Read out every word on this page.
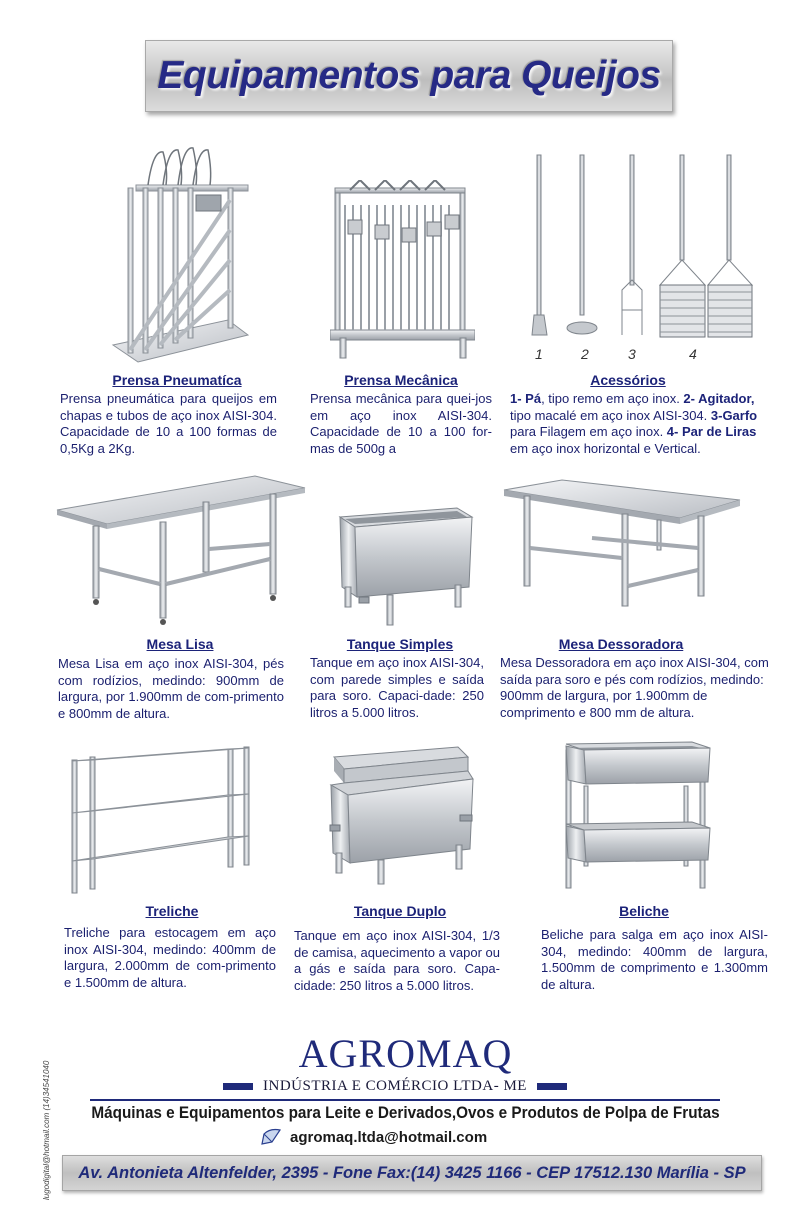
Equipamentos para Queijos
Prensa Pneumatíca
Prensa pneumática para queijos em chapas e tubos de aço inox AISI-304. Capacidade de 10 a 100 formas de 0,5Kg a 2Kg.
Prensa Mecânica
Prensa mecânica para quei-jos em aço inox AISI-304. Capacidade de 10 a 100 for-mas de 500g a
1	2	3	4
Acessórios
1- Pá, tipo remo em aço inox. 2- Agitador, tipo macalé em aço inox AISI-304. 3-Garfo para Filagem em aço inox. 4- Par de Liras em aço inox horizontal e Vertical.
Mesa Lisa
Mesa Lisa em aço inox AISI-304, pés com rodízios, medindo: 900mm de largura, por 1.900mm de com-primento e 800mm de altura.
Tanque Simples
Tanque em aço inox AISI-304, com parede simples e saída para soro. Capaci-dade: 250 litros a 5.000 litros.
Mesa Dessoradora
Mesa Dessoradora em aço inox AISI-304, com saída para soro e pés com rodízios, medindo: 900mm de largura, por 1.900mm de comprimento e 800 mm de altura.
Treliche
Treliche para estocagem em aço inox AISI-304, medindo: 400mm de largura, 2.000mm de com-primento e 1.500mm de altura.
Tanque Duplo
Tanque em aço inox AISI-304, 1/3 de camisa, aquecimento a vapor ou a gás e saída para soro. Capa-cidade: 250 litros a 5.000 litros.
Beliche
Beliche para salga em aço inox AISI-304, medindo: 400mm de largura, 1.500mm de comprimento e 1.300mm de altura.
AGROMAQ
INDÚSTRIA E COMÉRCIO LTDA- ME
Máquinas e Equipamentos para Leite e Derivados,Ovos e Produtos de Polpa de Frutas
agromaq.ltda@hotmail.com
Av. Antonieta Altenfelder, 2395 - Fone Fax:(14) 3425 1166 - CEP 17512.130 Marília - SP
lugodigital@hotmail.com (14)34541040
